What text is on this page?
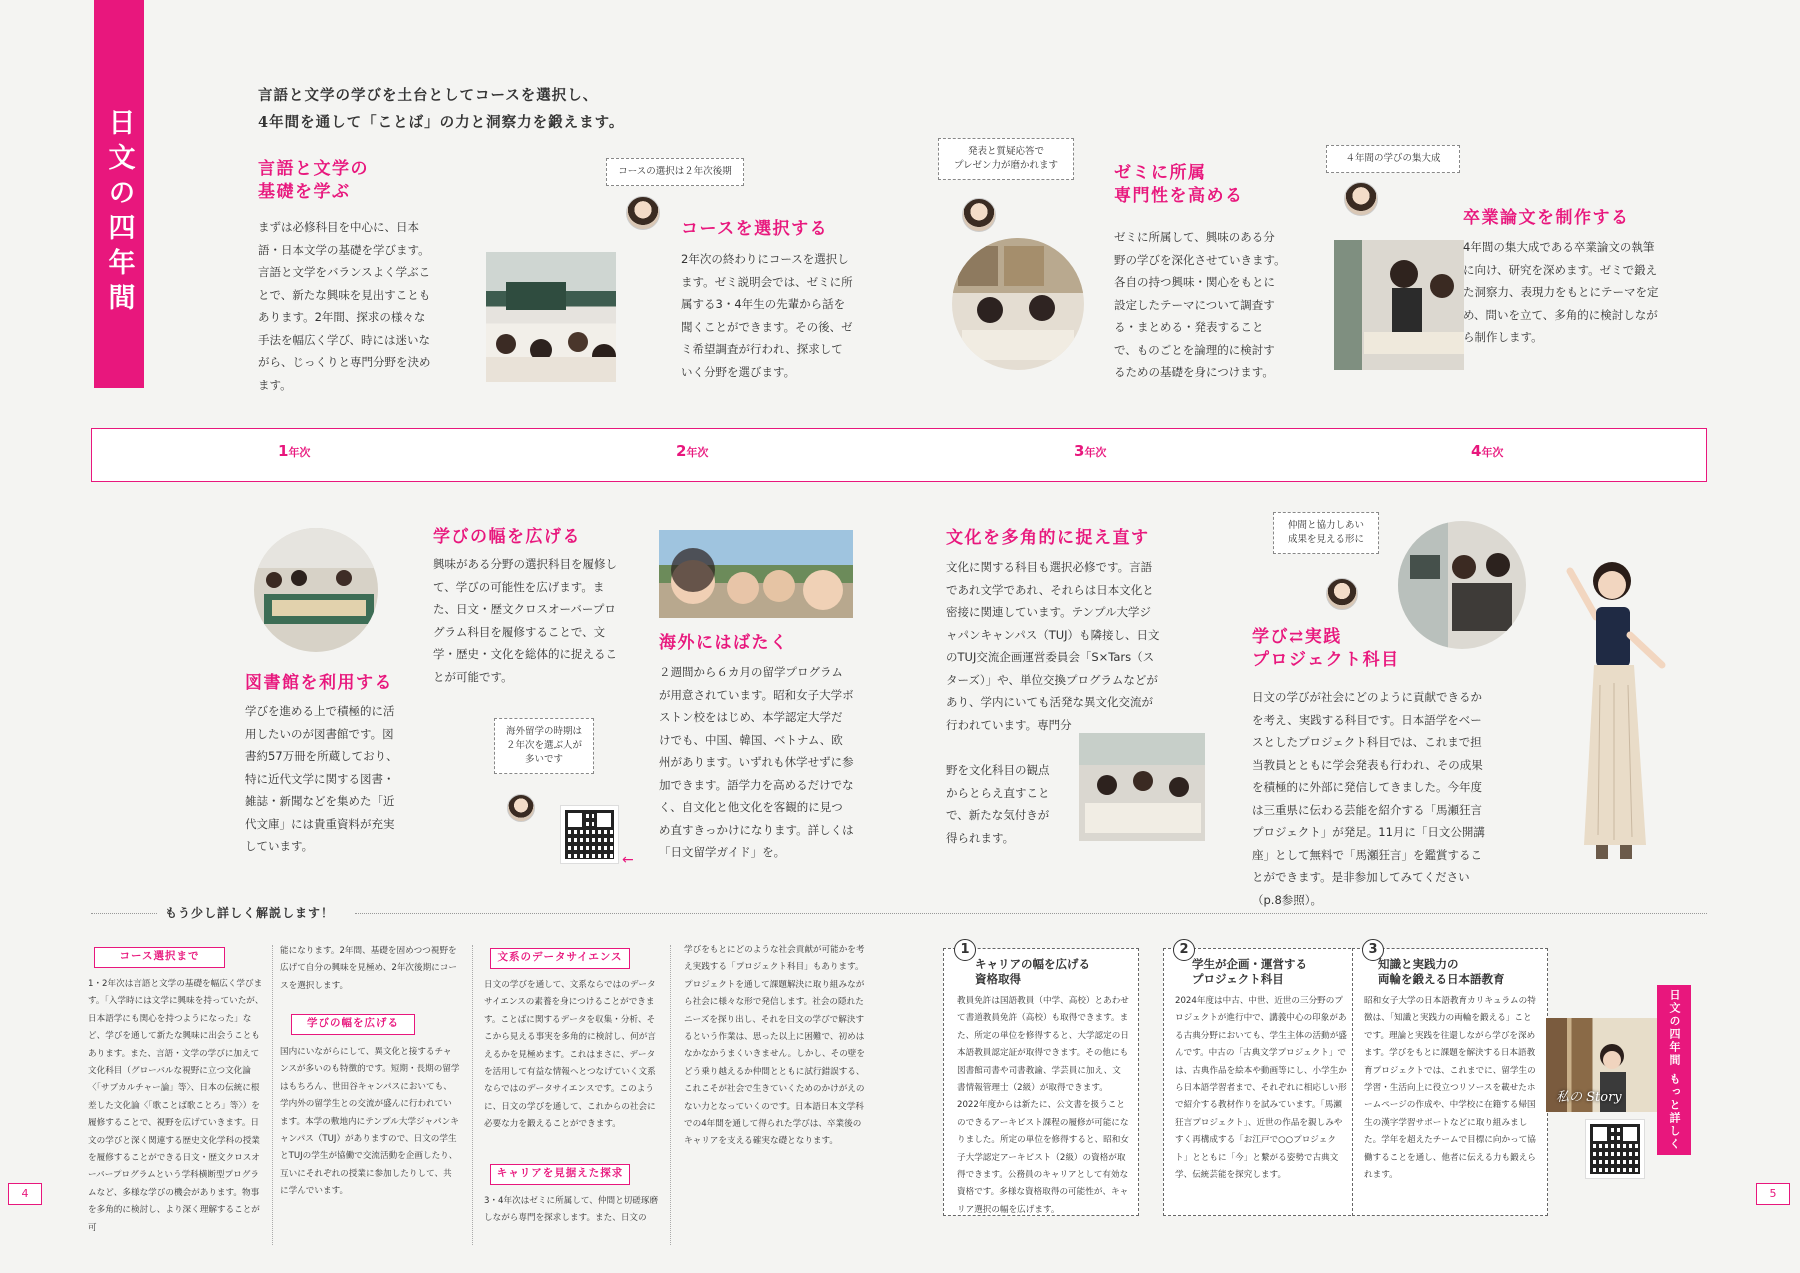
日文の四年間
言語と文学の学びを土台としてコースを選択し、
4年間を通して「ことば」の力と洞察力を鍛えます。
言語と文学の
基礎を学ぶ
まずは必修科目を中心に、日本語・日本文学の基礎を学びます。言語と文学をバランスよく学ぶことで、新たな興味を見出すこともあります。2年間、探求の様々な手法を幅広く学び、時には迷いながら、じっくりと専門分野を決めます。
コースの選択は２年次後期
コースを選択する
2年次の終わりにコースを選択します。ゼミ説明会では、ゼミに所属する3・4年生の先輩から話を聞くことができます。その後、ゼミ希望調査が行われ、探求していく分野を選びます。
発表と質疑応答で
プレゼン力が磨かれます	ゼミに所属
専門性を高める
ゼミに所属して、興味のある分野の学びを深化させていきます。各自の持つ興味・関心をもとに設定したテーマについて調査する・まとめる・発表することで、ものごとを論理的に検討するための基礎を身につけます。
４年間の学びの集大成
卒業論文を制作する
4年間の集大成である卒業論文の執筆に向け、研究を深めます。ゼミで鍛えた洞察力、表現力をもとにテーマを定め、問いを立て、多角的に検討しながら制作します。
1年次	2年次	3年次	4年次
図書館を利用する
学びを進める上で積極的に活用したいのが図書館です。図書約57万冊を所蔵しており、特に近代文学に関する図書・雑誌・新聞などを集めた「近代文庫」には貴重資料が充実しています。
学びの幅を広げる
興味がある分野の選択科目を履修して、学びの可能性を広げます。また、日文・歴文クロスオーバープログラム科目を履修することで、文学・歴史・文化を総体的に捉えることが可能です。
海外にはばたく
２週間から６カ月の留学プログラムが用意されています。昭和女子大学ボストン校をはじめ、本学認定大学だけでも、中国、韓国、ベトナム、欧州があります。いずれも休学せずに参加できます。語学力を高めるだけでなく、自文化と他文化を客観的に見つめ直すきっかけになります。詳しくは「日文留学ガイド」を。
海外留学の時期は
２年次を選ぶ人が
多いです
←
文化を多角的に捉え直す
文化に関する科目も選択必修です。言語であれ文学であれ、それらは日本文化と密接に関連しています。テンプル大学ジャパンキャンパス（TUJ）も隣接し、日文のTUJ交流企画運営委員会「S×Tars（スターズ）」や、単位交換プログラムなどがあり、学内にいても活発な異文化交流が行われています。専門分
野を文化科目の観点からとらえ直すことで、新たな気付きが得られます。
仲間と協力しあい
成果を見える形に
学び⇄実践
プロジェクト科目
日文の学びが社会にどのように貢献できるかを考え、実践する科目です。日本語学をベースとしたプロジェクト科目では、これまで担当教員とともに学会発表も行われ、その成果を積極的に外部に発信してきました。今年度は三重県に伝わる芸能を紹介する「馬瀬狂言プロジェクト」が発足。11月に「日文公開講座」として無料で「馬瀬狂言」を鑑賞することができます。是非参加してみてください（p.8参照）。
もう少し詳しく解説します！
コース選択まで
1・2年次は言語と文学の基礎を幅広く学びます。「入学時には文学に興味を持っていたが、日本語学にも関心を持つようになった」など、学びを通して新たな興味に出会うこともあります。また、言語・文学の学びに加えて文化科目（グローバルな視野に立つ文化論〈「サブカルチャー論」等〉、日本の伝統に根差した文化論〈「歌ことば歌ことろ」等〉）を履修することで、視野を広げていきます。日文の学びと深く関連する歴史文化学科の授業を履修することができる日文・歴文クロスオーバープログラムという学科横断型プログラムなど、多様な学びの機会があります。物事を多角的に検討し、より深く理解することが可
能になります。2年間、基礎を固めつつ視野を広げて自分の興味を見極め、2年次後期にコースを選択します。
学びの幅を広げる
国内にいながらにして、異文化と接するチャンスが多いのも特徴的です。短期・長期の留学はもちろん、世田谷キャンパスにおいても、学内外の留学生との交流が盛んに行われています。本学の敷地内にテンプル大学ジャパンキャンパス（TUJ）がありますので、日文の学生とTUJの学生が協働で交流活動を企画したり、互いにそれぞれの授業に参加したりして、共に学んでいます。
文系のデータサイエンス
日文の学びを通して、文系ならではのデータサイエンスの素養を身につけることができます。ことばに関するデータを収集・分析、そこから見える事実を多角的に検討し、何が言えるかを見極めます。これはまさに、データを活用して有益な情報へとつなげていく文系ならではのデータサイエンスです。このように、日文の学びを通して、これからの社会に必要な力を鍛えることができます。
キャリアを見据えた探求
3・4年次はゼミに所属して、仲間と切磋琢磨しながら専門を探求します。また、日文の
学びをもとにどのような社会貢献が可能かを考え実践する「プロジェクト科目」もあります。プロジェクトを通して課題解決に取り組みながら社会に様々な形で発信します。社会の隠れたニーズを探り出し、それを日文の学びで解決するという作業は、思った以上に困難で、初めはなかなかうまくいきません。しかし、その壁をどう乗り越えるか仲間とともに試行錯誤する、これこそが社会で生きていくためのかけがえのない力となっていくのです。日本語日本文学科での4年間を通して得られた学びは、卒業後のキャリアを支える確実な礎となります。
1
キャリアの幅を広げる
資格取得
教員免許は国語教員（中学、高校）とあわせて書道教員免許（高校）も取得できます。また、所定の単位を修得すると、大学認定の日本語教員認定証が取得できます。その他にも図書館司書や司書教諭、学芸員に加え、文書情報管理士（2級）が取得できます。2022年度からは新たに、公文書を扱うことのできるアーキビスト課程の履修が可能になりました。所定の単位を修得すると、昭和女子大学認定アーキビスト（2級）の資格が取得できます。公務員のキャリアとして有効な資格です。多様な資格取得の可能性が、キャリア選択の幅を広げます。
2
学生が企画・運営する
プロジェクト科目
2024年度は中古、中世、近世の三分野のプロジェクトが進行中で、講義中心の印象がある古典分野においても、学生主体の活動が盛んです。中古の「古典文学プロジェクト」では、古典作品を絵本や動画等にし、小学生から日本語学習者まで、それぞれに相応しい形で紹介する教材作りを試みています。「馬瀬狂言プロジェクト」、近世の作品を親しみやすく再構成する「お江戸で○○プロジェクト」とともに「今」と繋がる姿勢で古典文学、伝統芸能を探究します。
3
知識と実践力の
両輪を鍛える日本語教育
昭和女子大学の日本語教育カリキュラムの特徴は、「知識と実践力の両輪を鍛える」ことです。理論と実践を往還しながら学びを深めます。学びをもとに課題を解決する日本語教育プロジェクトでは、これまでに、留学生の学習・生活向上に役立つリソースを載せたホームページの作成や、中学校に在籍する帰国生の漢字学習サポートなどに取り組みました。学年を超えたチームで目標に向かって協働することを通し、他者に伝える力も鍛えられます。
私の Story	日文の四年間 もっと詳しく
4	5
